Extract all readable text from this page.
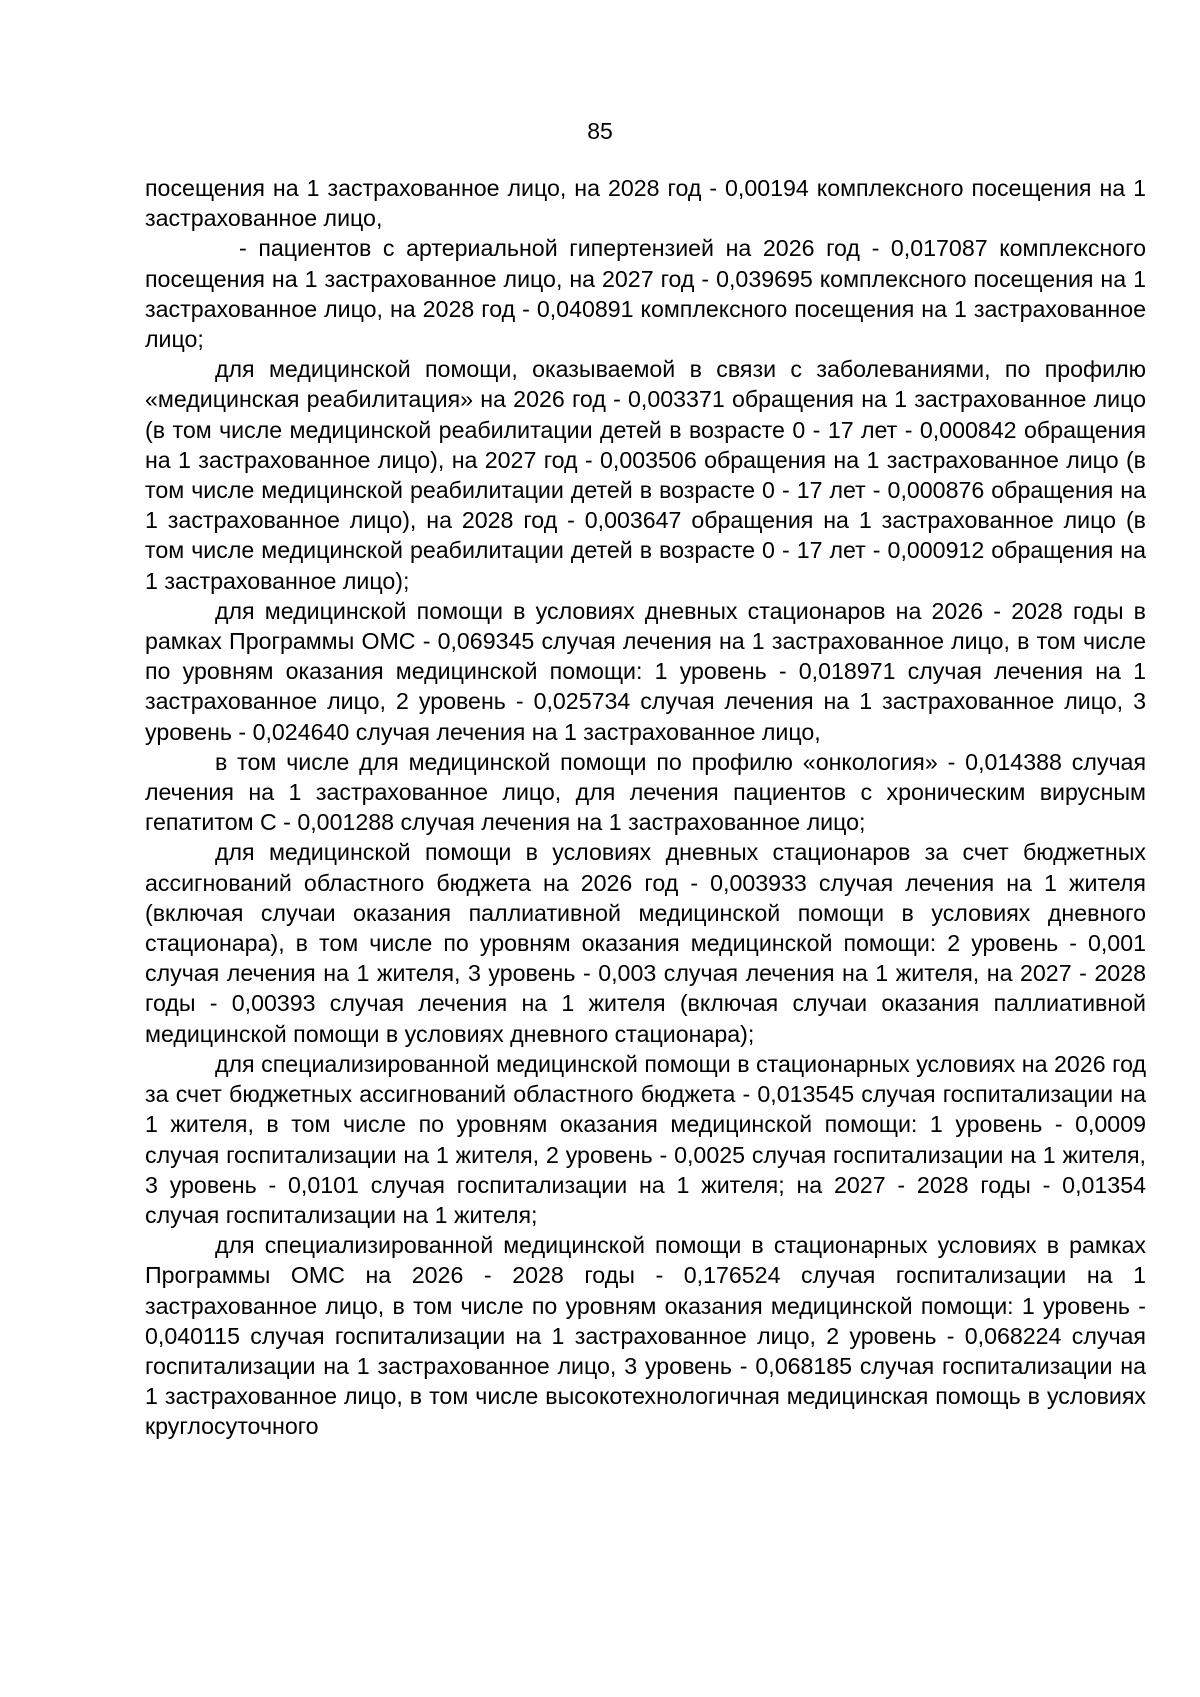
85

посещения на 1 застрахованное лицо, на 2028 год - 0,00194 комплексного посещения на 1 застрахованное лицо,

- пациентов с артериальной гипертензией на 2026 год - 0,017087 комплексного посещения на 1 застрахованное лицо, на 2027 год - 0,039695 комплексного посещения на 1 застрахованное лицо, на 2028 год - 0,040891 комплексного посещения на 1 застрахованное лицо;

для медицинской помощи, оказываемой в связи с заболеваниями, по профилю «медицинская реабилитация» на 2026 год - 0,003371 обращения на 1 застрахованное лицо (в том числе медицинской реабилитации детей в возрасте 0 - 17 лет - 0,000842 обращения на 1 застрахованное лицо), на 2027 год - 0,003506 обращения на 1 застрахованное лицо (в том числе медицинской реабилитации детей в возрасте 0 - 17 лет - 0,000876 обращения на 1 застрахованное лицо), на 2028 год - 0,003647 обращения на 1 застрахованное лицо (в том числе медицинской реабилитации детей в возрасте 0 - 17 лет - 0,000912 обращения на 1 застрахованное лицо);

для медицинской помощи в условиях дневных стационаров на 2026 - 2028 годы в рамках Программы ОМС - 0,069345 случая лечения на 1 застрахованное лицо, в том числе по уровням оказания медицинской помощи: 1 уровень - 0,018971 случая лечения на 1 застрахованное лицо, 2 уровень - 0,025734 случая лечения на 1 застрахованное лицо, 3 уровень - 0,024640 случая лечения на 1 застрахованное лицо,

в том числе для медицинской помощи по профилю «онкология» - 0,014388 случая лечения на 1 застрахованное лицо, для лечения пациентов с хроническим вирусным гепатитом С - 0,001288 случая лечения на 1 застрахованное лицо;

для медицинской помощи в условиях дневных стационаров за счет бюджетных ассигнований областного бюджета на 2026 год - 0,003933 случая лечения на 1 жителя (включая случаи оказания паллиативной медицинской помощи в условиях дневного стационара), в том числе по уровням оказания медицинской помощи: 2 уровень - 0,001 случая лечения на 1 жителя, 3 уровень - 0,003 случая лечения на 1 жителя, на 2027 - 2028 годы - 0,00393 случая лечения на 1 жителя (включая случаи оказания паллиативной медицинской помощи в условиях дневного стационара);

для специализированной медицинской помощи в стационарных условиях на 2026 год за счет бюджетных ассигнований областного бюджета - 0,013545 случая госпитализации на 1 жителя, в том числе по уровням оказания медицинской помощи: 1 уровень - 0,0009 случая госпитализации на 1 жителя, 2 уровень - 0,0025 случая госпитализации на 1 жителя, 3 уровень - 0,0101 случая госпитализации на 1 жителя; на 2027 - 2028 годы - 0,01354 случая госпитализации на 1 жителя;

для специализированной медицинской помощи в стационарных условиях в рамках Программы ОМС на 2026 - 2028 годы - 0,176524 случая госпитализации на 1 застрахованное лицо, в том числе по уровням оказания медицинской помощи: 1 уровень - 0,040115 случая госпитализации на 1 застрахованное лицо, 2 уровень - 0,068224 случая госпитализации на 1 застрахованное лицо, 3 уровень - 0,068185 случая госпитализации на 1 застрахованное лицо, в том числе высокотехнологичная медицинская помощь в условиях круглосуточного
